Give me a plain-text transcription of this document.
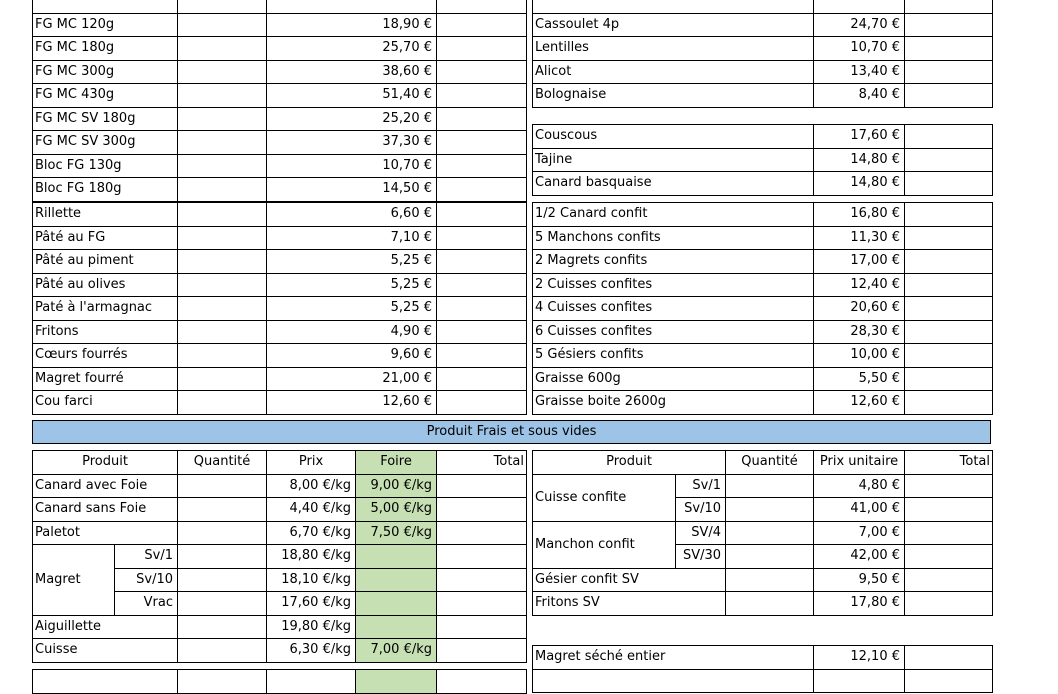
FG MC 120g		18,90 €	
FG MC 180g		25,70 €	
FG MC 300g		38,60 €	
FG MC 430g		51,40 €	
FG MC SV 180g		25,20 €	
FG MC SV 300g		37,30 €	
Bloc FG 130g		10,70 €	
Bloc FG 180g		14,50 €	

Cassoulet 4p	24,70 €	
Lentilles	10,70 €	
Alicot	13,40 €	
Bolognaise	8,40 €	
Couscous	17,60 €	
Tajine	14,80 €	
Canard basquaise	14,80 €	
Rillette		6,60 €	
Pâté au FG		7,10 €	
Pâté au piment		5,25 €	
Pâté au olives		5,25 €	
Paté à l'armagnac		5,25 €	
Fritons		4,90 €	
Cœurs fourrés		9,60 €	
Magret fourré		21,00 €	
Cou farci		12,60 €	
1/2 Canard confit	16,80 €	
5 Manchons confits	11,30 €	
2 Magrets confits	17,00 €	
2 Cuisses confites	12,40 €	
4 Cuisses confites	20,60 €	
6 Cuisses confites	28,30 €	
5 Gésiers confits	10,00 €	
Graisse 600g	5,50 €	
Graisse boite 2600g	12,60 €	
Produit Frais et sous vides
Produit		Quantité	Prix	Foire	Total
Canard avec Foie			8,00 €/kg	9,00 €/kg	
Canard sans Foie			4,40 €/kg	5,00 €/kg	
Paletot			6,70 €/kg	7,50 €/kg	
Magret	Sv/1		18,80 €/kg		
	Sv/10		18,10 €/kg		
	Vrac		17,60 €/kg		
Aiguillette			19,80 €/kg		
Cuisse			6,30 €/kg	7,00 €/kg	
Produit		Quantité	Prix unitaire	Total
Cuisse confite	Sv/1		4,80 €	
	Sv/10		41,00 €	
Manchon confit	SV/4		7,00 €	
	SV/30		42,00 €	
Gésier confit SV			9,50 €	
Fritons SV			17,80 €	
Magret séché entier	12,10 €	
